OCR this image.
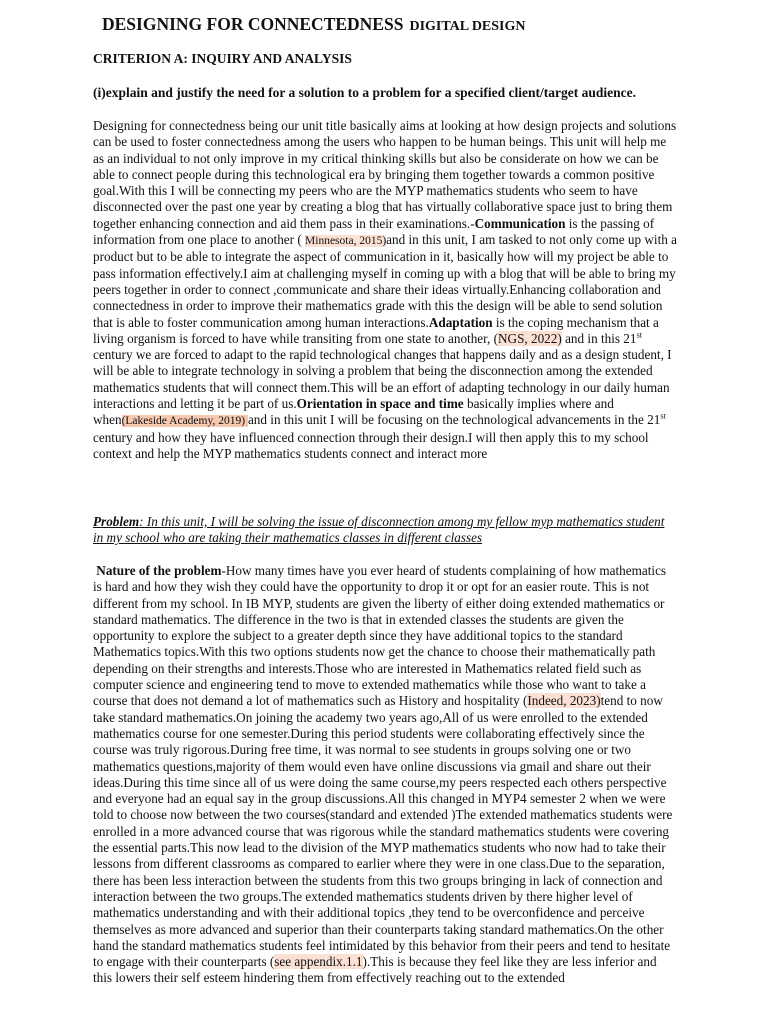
DESIGNING FOR CONNECTEDNESS DIGITAL DESIGN
CRITERION A: INQUIRY AND ANALYSIS
(i)explain and justify the need for a solution to a problem for a specified client/target audience.
Designing for connectedness being our unit title basically aims at looking at how design projects and solutions can be used to foster connectedness among the users who happen to be human beings. This unit will help me as an individual to not only improve in my critical thinking skills but also be considerate on how we can be able to connect people during this technological era by bringing them together towards a common positive goal.With this I will be connecting my peers who are the MYP mathematics students who seem to have disconnected over the past one year by creating a blog that has virtually collaborative space just to bring them together enhancing connection and aid them pass in their examinations.-Communication is the passing of information from one place to another ( Minnesota, 2015)and in this unit, I am tasked to not only come up with a product but to be able to integrate the aspect of communication in it, basically how will my project be able to pass information effectively.I aim at challenging myself in coming up with a blog that will be able to bring my peers together in order to connect ,communicate and share their ideas virtually.Enhancing collaboration and connectedness in order to improve their mathematics grade with this the design will be able to send solution that is able to foster communication among human interactions.Adaptation is the coping mechanism that a living organism is forced to have while transiting from one state to another, (NGS, 2022) and in this 21st century we are forced to adapt to the rapid technological changes that happens daily and as a design student, I will be able to integrate technology in solving a problem that being the disconnection among the extended mathematics students that will connect them.This will be an effort of adapting technology in our daily human interactions and letting it be part of us.Orientation in space and time basically implies where and when(Lakeside Academy, 2019) and in this unit I will be focusing on the technological advancements in the 21st century and how they have influenced connection through their design.I will then apply this to my school context and help the MYP mathematics students connect and interact more
Problem: In this unit, I will be solving the issue of disconnection among my fellow myp mathematics student in my school who are taking their mathematics classes in different classes
Nature of the problem-How many times have you ever heard of students complaining of how mathematics is hard and how they wish they could have the opportunity to drop it or opt for an easier route. This is not different from my school. In IB MYP, students are given the liberty of either doing extended mathematics or standard mathematics. The difference in the two is that in extended classes the students are given the opportunity to explore the subject to a greater depth since they have additional topics to the standard Mathematics topics.With this two options students now get the chance to choose their mathematically path depending on their strengths and interests.Those who are interested in Mathematics related field such as computer science and engineering tend to move to extended mathematics while those who want to take a course that does not demand a lot of mathematics such as History and hospitality (Indeed, 2023)tend to now take standard mathematics.On joining the academy two years ago,All of us were enrolled to the extended mathematics course for one semester.During this period students were collaborating effectively since the course was truly rigorous.During free time, it was normal to see students in groups solving one or two mathematics questions,majority of them would even have online discussions via gmail and share out their ideas.During this time since all of us were doing the same course,my peers respected each others perspective and everyone had an equal say in the group discussions.All this changed in MYP4 semester 2 when we were told to choose now between the two courses(standard and extended )The extended mathematics students were enrolled in a more advanced course that was rigorous while the standard mathematics students were covering the essential parts.This now lead to the division of the MYP mathematics students who now had to take their lessons from different classrooms as compared to earlier where they were in one class.Due to the separation, there has been less interaction between the students from this two groups bringing in lack of connection and interaction between the two groups.The extended mathematics students driven by there higher level of mathematics understanding and with their additional topics ,they tend to be overconfidence and perceive themselves as more advanced and superior than their counterparts taking standard mathematics.On the other hand the standard mathematics students feel intimidated by this behavior from their peers and tend to hesitate to engage with their counterparts (see appendix.1.1).This is because they feel like they are less inferior and this lowers their self esteem hindering them from effectively reaching out to the extended
